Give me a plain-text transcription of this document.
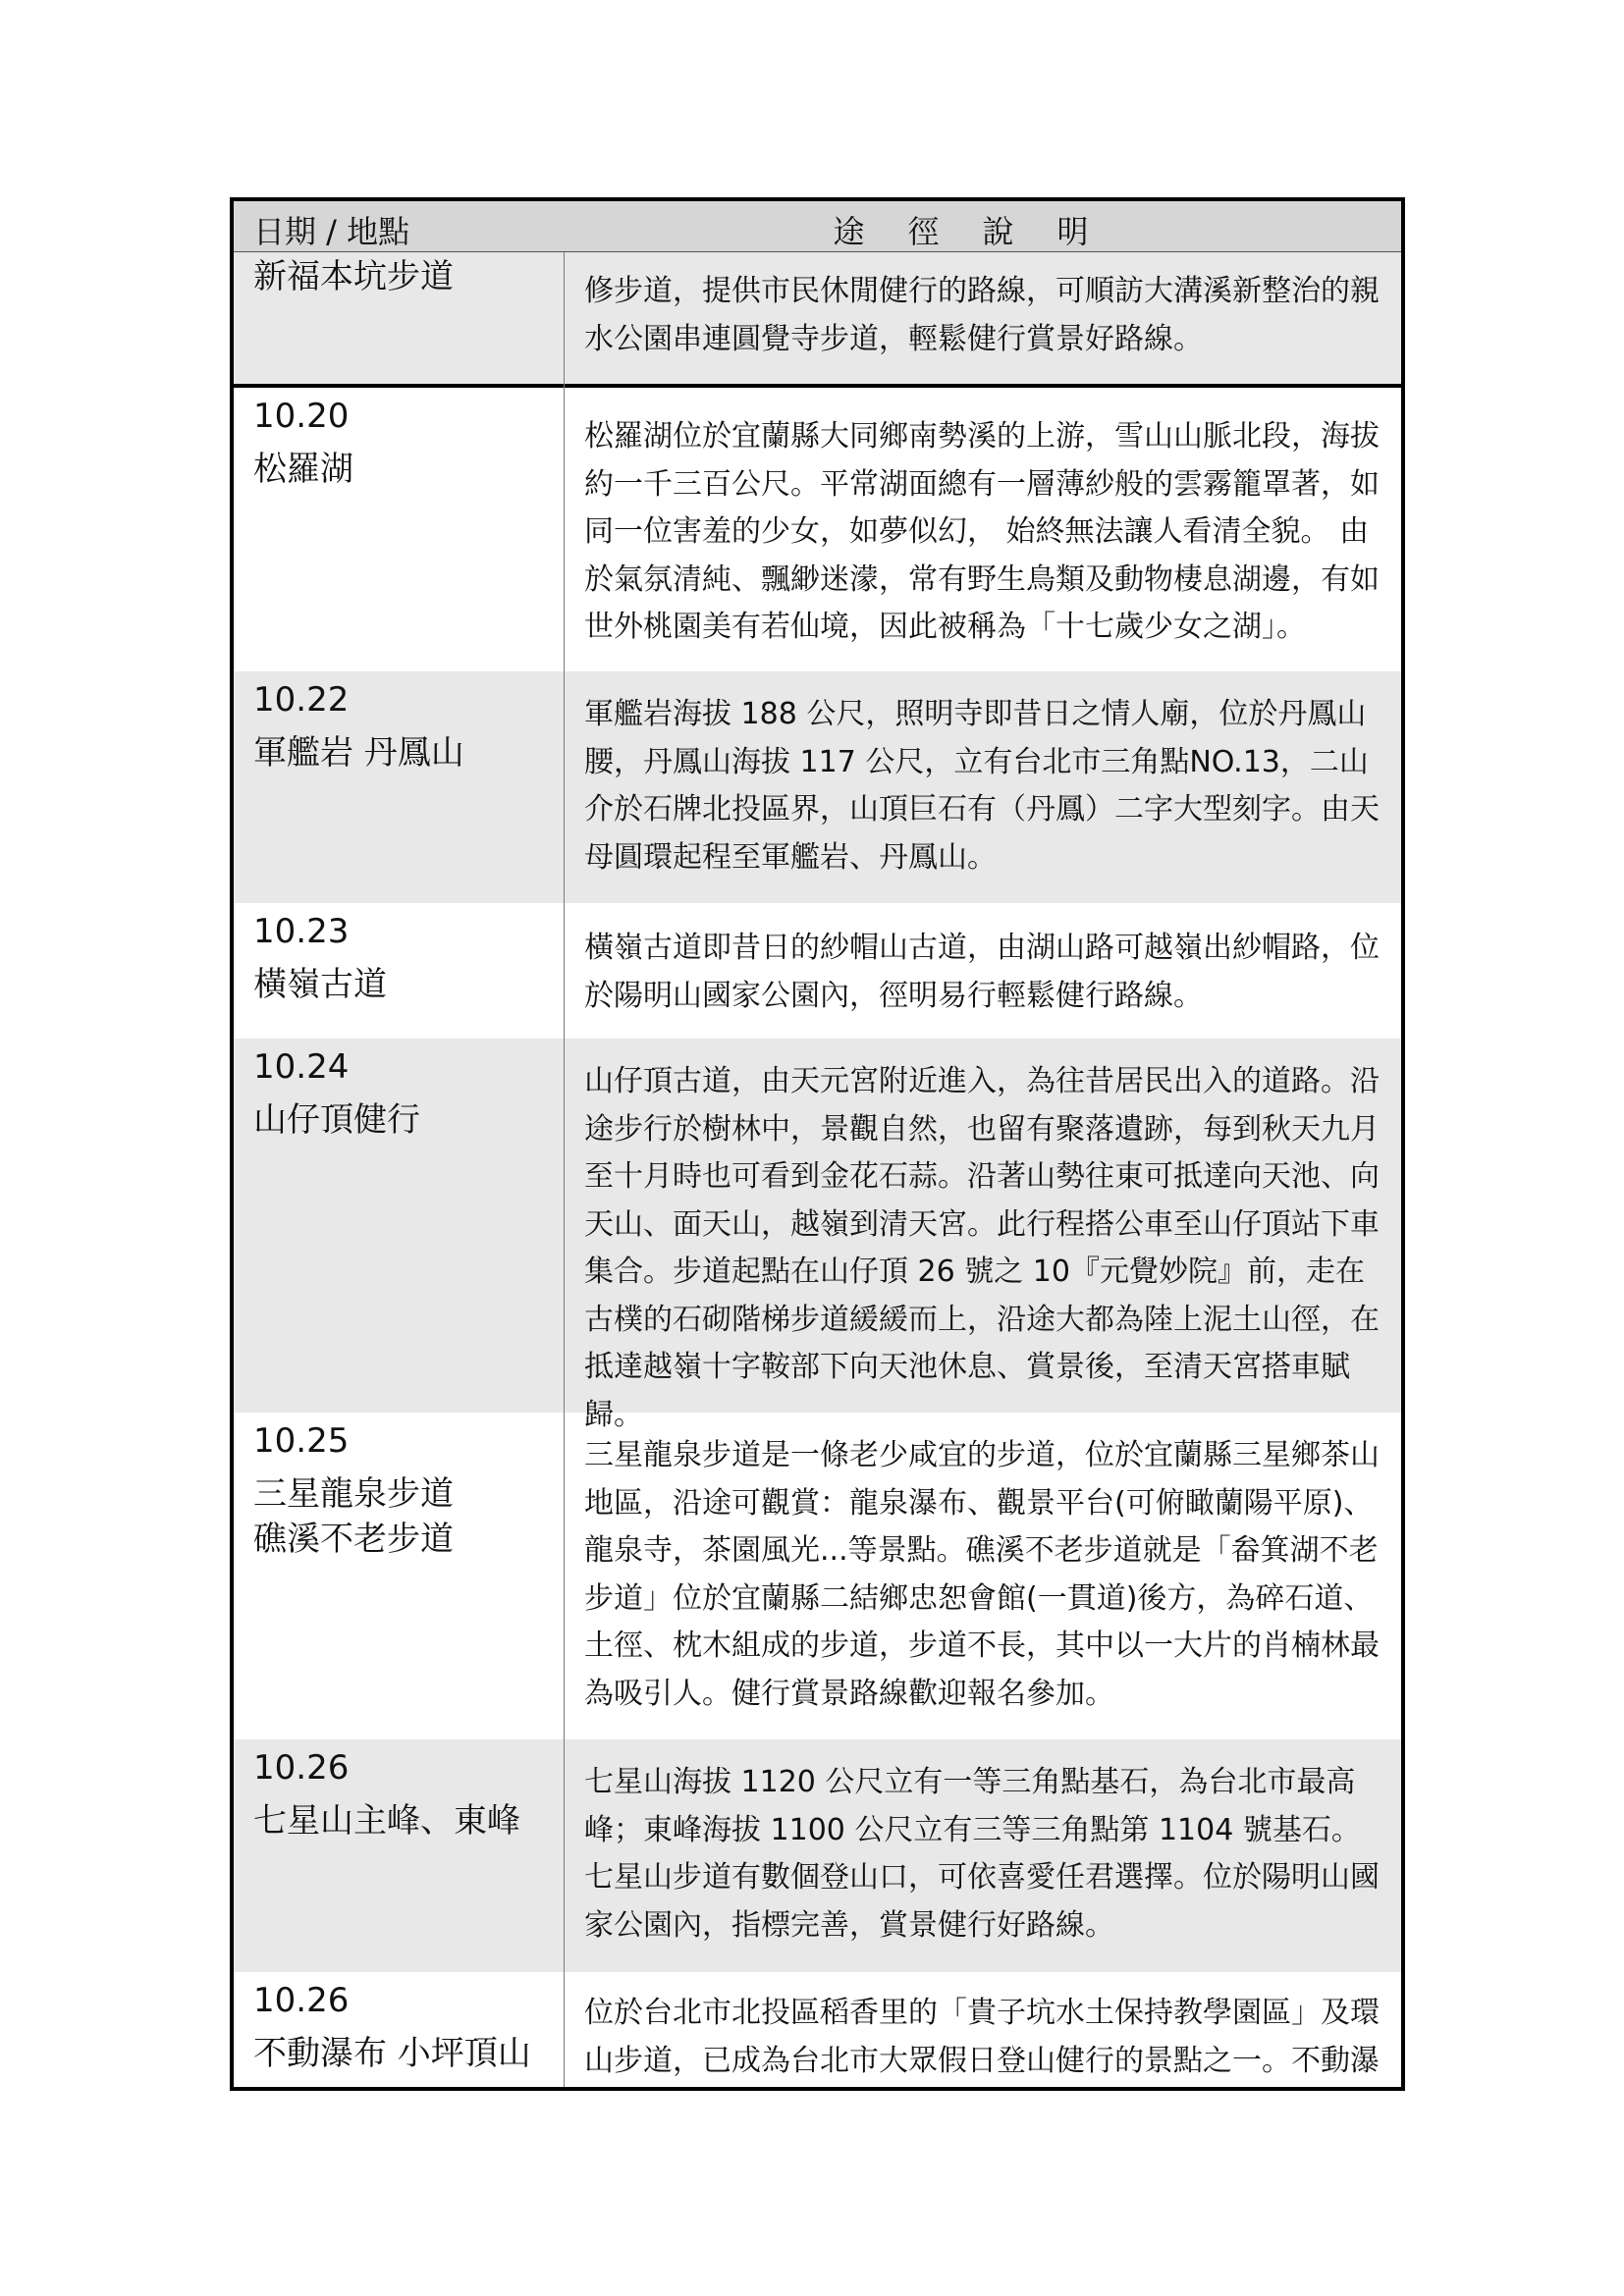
日期 / 地點	途徑說明
新福本坑步道	修步道，提供市民休閒健行的路線，可順訪大溝溪新整治的親水公園串連圓覺寺步道，輕鬆健行賞景好路線。
10.20
松羅湖
松羅湖位於宜蘭縣大同鄉南勢溪的上游，雪山山脈北段，海拔約一千三百公尺。平常湖面總有一層薄紗般的雲霧籠罩著，如同一位害羞的少女，如夢似幻， 始終無法讓人看清全貌。 由於氣氛清純、飄緲迷濛，常有野生鳥類及動物棲息湖邊，有如世外桃園美有若仙境，因此被稱為「十七歲少女之湖」。
10.22
軍艦岩 丹鳳山
軍艦岩海拔 188 公尺，照明寺即昔日之情人廟，位於丹鳳山腰，丹鳳山海拔 117 公尺，立有台北市三角點NO.13，二山介於石牌北投區界，山頂巨石有（丹鳳）二字大型刻字。由天母圓環起程至軍艦岩、丹鳳山。
10.23
橫嶺古道
橫嶺古道即昔日的紗帽山古道，由湖山路可越嶺出紗帽路，位於陽明山國家公園內，徑明易行輕鬆健行路線。
10.24
山仔頂健行
山仔頂古道，由天元宮附近進入，為往昔居民出入的道路。沿途步行於樹林中，景觀自然，也留有聚落遺跡，每到秋天九月至十月時也可看到金花石蒜。沿著山勢往東可抵達向天池、向天山、面天山，越嶺到清天宮。此行程搭公車至山仔頂站下車集合。步道起點在山仔頂 26 號之 10『元覺妙院』前，走在古樸的石砌階梯步道緩緩而上，沿途大都為陸上泥土山徑，在抵達越嶺十字鞍部下向天池休息、賞景後，至清天宮搭車賦歸。
10.25
三星龍泉步道
礁溪不老步道
三星龍泉步道是一條老少咸宜的步道，位於宜蘭縣三星鄉茶山地區，沿途可觀賞：龍泉瀑布、觀景平台(可俯瞰蘭陽平原)、龍泉寺，茶園風光...等景點。礁溪不老步道就是「畚箕湖不老步道」位於宜蘭縣二結鄉忠恕會館(一貫道)後方，為碎石道、土徑、枕木組成的步道，步道不長，其中以一大片的肖楠林最為吸引人。健行賞景路線歡迎報名參加。
10.26
七星山主峰、東峰
七星山海拔 1120 公尺立有一等三角點基石，為台北市最高峰；東峰海拔 1100 公尺立有三等三角點第 1104 號基石。七星山步道有數個登山口，可依喜愛任君選擇。位於陽明山國家公園內，指標完善，賞景健行好路線。
10.26
不動瀑布 小坪頂山
位於台北市北投區稻香里的「貴子坑水土保持教學園區」及環山步道，已成為台北市大眾假日登山健行的景點之一。不動瀑
